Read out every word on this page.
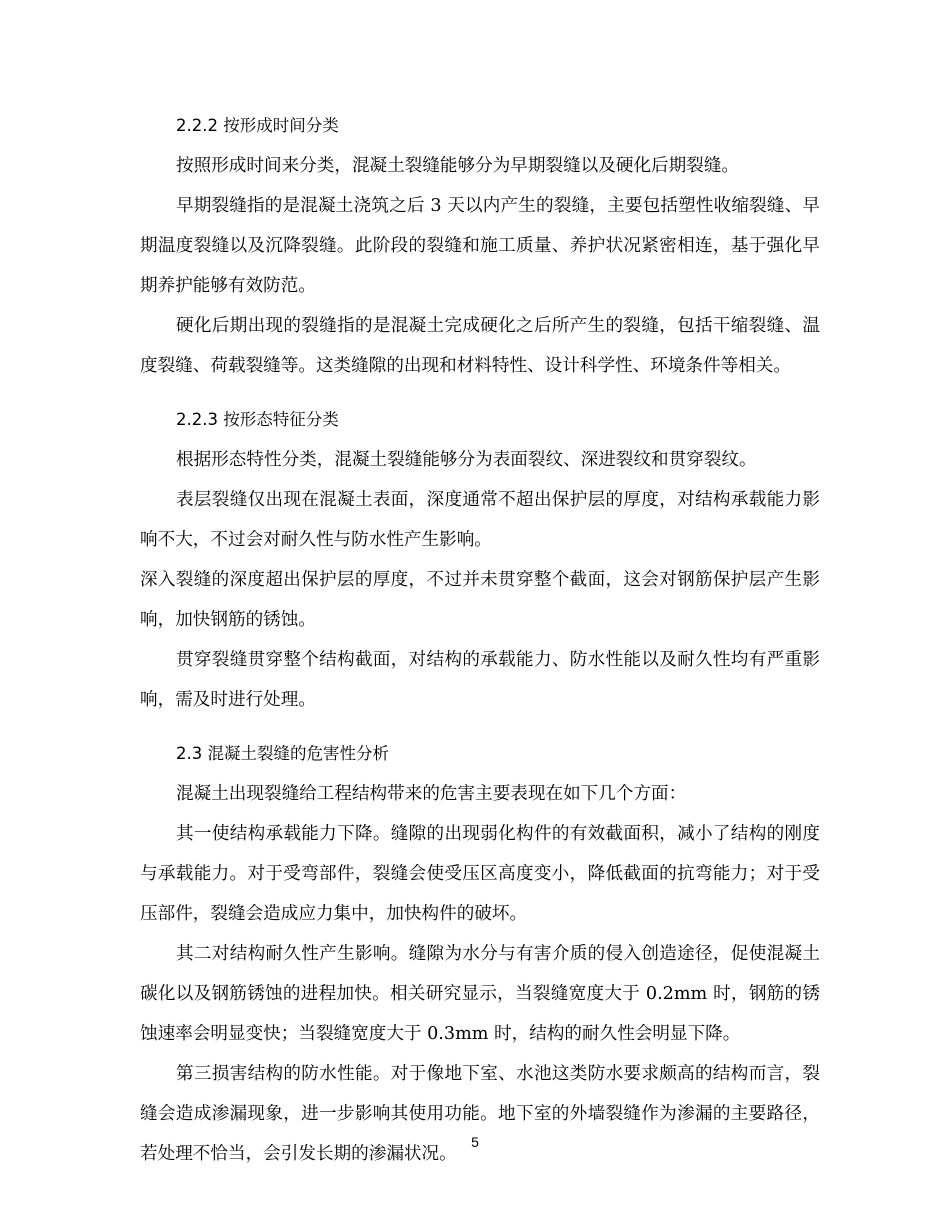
2.2.2 按形成时间分类

按照形成时间来分类，混凝土裂缝能够分为早期裂缝以及硬化后期裂缝。

早期裂缝指的是混凝土浇筑之后 3 天以内产生的裂缝，主要包括塑性收缩裂缝、早期温度裂缝以及沉降裂缝。此阶段的裂缝和施工质量、养护状况紧密相连，基于强化早期养护能够有效防范。

硬化后期出现的裂缝指的是混凝土完成硬化之后所产生的裂缝，包括干缩裂缝、温度裂缝、荷载裂缝等。这类缝隙的出现和材料特性、设计科学性、环境条件等相关。

2.2.3 按形态特征分类

根据形态特性分类，混凝土裂缝能够分为表面裂纹、深进裂纹和贯穿裂纹。

表层裂缝仅出现在混凝土表面，深度通常不超出保护层的厚度，对结构承载能力影响不大，不过会对耐久性与防水性产生影响。

深入裂缝的深度超出保护层的厚度，不过并未贯穿整个截面，这会对钢筋保护层产生影响，加快钢筋的锈蚀。

贯穿裂缝贯穿整个结构截面，对结构的承载能力、防水性能以及耐久性均有严重影响，需及时进行处理。

2.3 混凝土裂缝的危害性分析

混凝土出现裂缝给工程结构带来的危害主要表现在如下几个方面：

其一使结构承载能力下降。缝隙的出现弱化构件的有效截面积，减小了结构的刚度与承载能力。对于受弯部件，裂缝会使受压区高度变小，降低截面的抗弯能力；对于受压部件，裂缝会造成应力集中，加快构件的破坏。

其二对结构耐久性产生影响。缝隙为水分与有害介质的侵入创造途径，促使混凝土碳化以及钢筋锈蚀的进程加快。相关研究显示，当裂缝宽度大于 0.2mm 时，钢筋的锈蚀速率会明显变快；当裂缝宽度大于 0.3mm 时，结构的耐久性会明显下降。

第三损害结构的防水性能。对于像地下室、水池这类防水要求颇高的结构而言，裂缝会造成渗漏现象，进一步影响其使用功能。地下室的外墙裂缝作为渗漏的主要路径，若处理不恰当，会引发长期的渗漏状况。

5
